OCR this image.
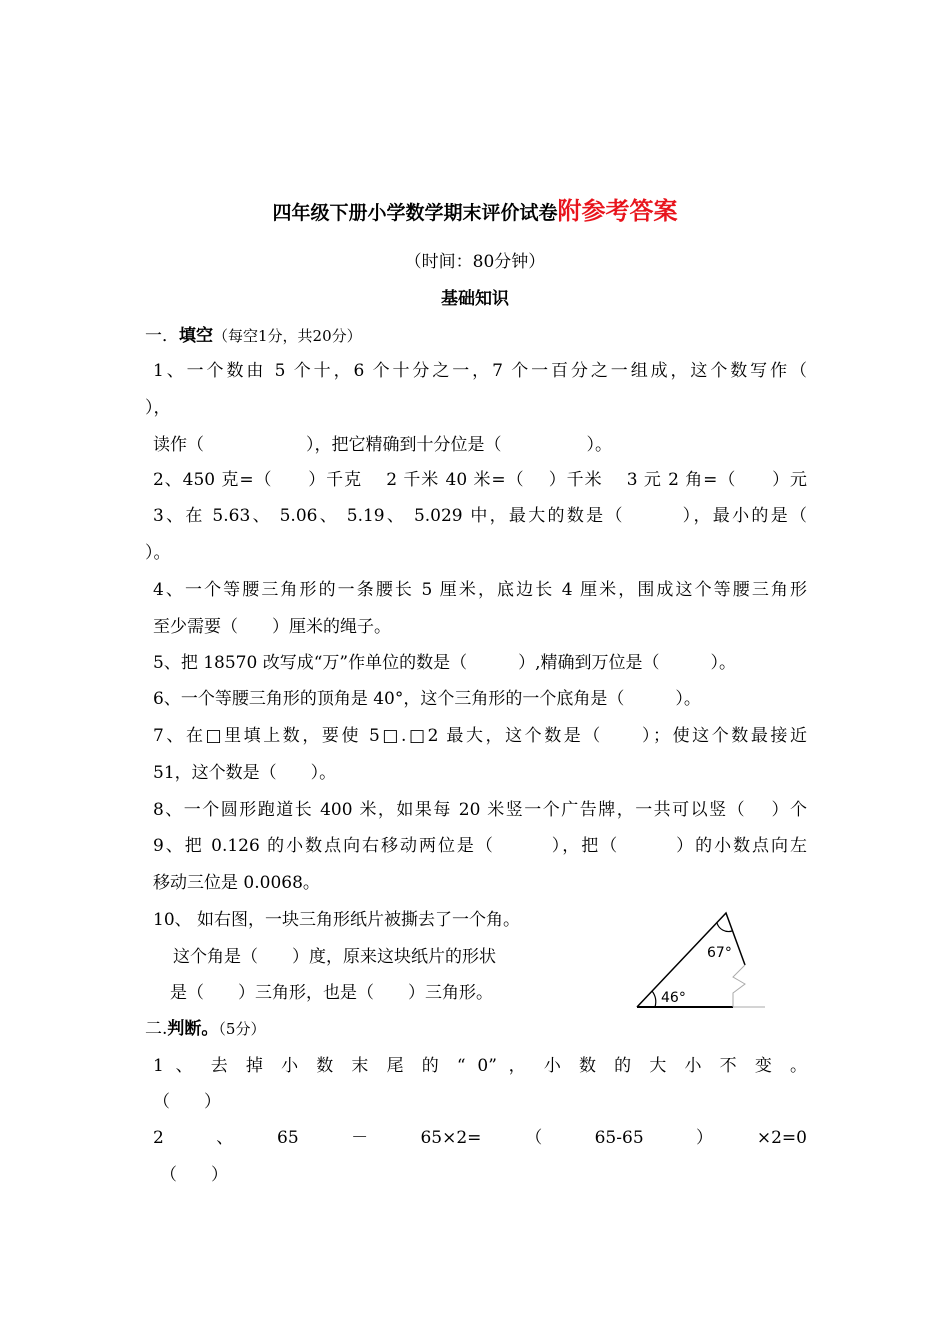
四年级下册小学数学期末评价试卷附参考答案
（时间：80分钟）
基础知识
一．填空（每空1分，共20分）
1、一个数由 5 个十，6 个十分之一，7 个一百分之一组成，这个数写作（
），
读作（　　　　　　），把它精确到十分位是（　　　　　）。
2、450 克=（　　）千克　 2 千米 40 米=（　 ）千米　 3 元 2 角=（　　）元
3、在 5.63、 5.06、 5.19、 5.029 中，最大的数是（　　　），最小的是（
）。
4、一个等腰三角形的一条腰长 5 厘米，底边长 4 厘米，围成这个等腰三角形
至少需要（　　）厘米的绳子。
5、把 18570 改写成“万”作单位的数是（　　　）,精确到万位是（　　　）。
6、一个等腰三角形的顶角是 40°，这个三角形的一个底角是（　　　）。
7、在□里填上数，要使 5□.□2 最大，这个数是（　　）；使这个数最接近
51，这个数是（　　）。
8、一个圆形跑道长 400 米，如果每 20 米竖一个广告牌，一共可以竖（　 ）个
9、把 0.126 的小数点向右移动两位是（　　　），把（　　　）的小数点向左
移动三位是 0.0068。
10、 如右图，一块三角形纸片被撕去了一个角。
这个角是（　　）度，原来这块纸片的形状
是（　　）三角形，也是（　　）三角形。
67°
46°
二.判断。（5分）
1 、 去 掉 小 数 末 尾 的 “ 0” ， 小 数 的 大 小 不 变 。
（　　）
2　　、　　65　　－　　65×2=　　（　　65-65　　）　　×2=0
（　　）
